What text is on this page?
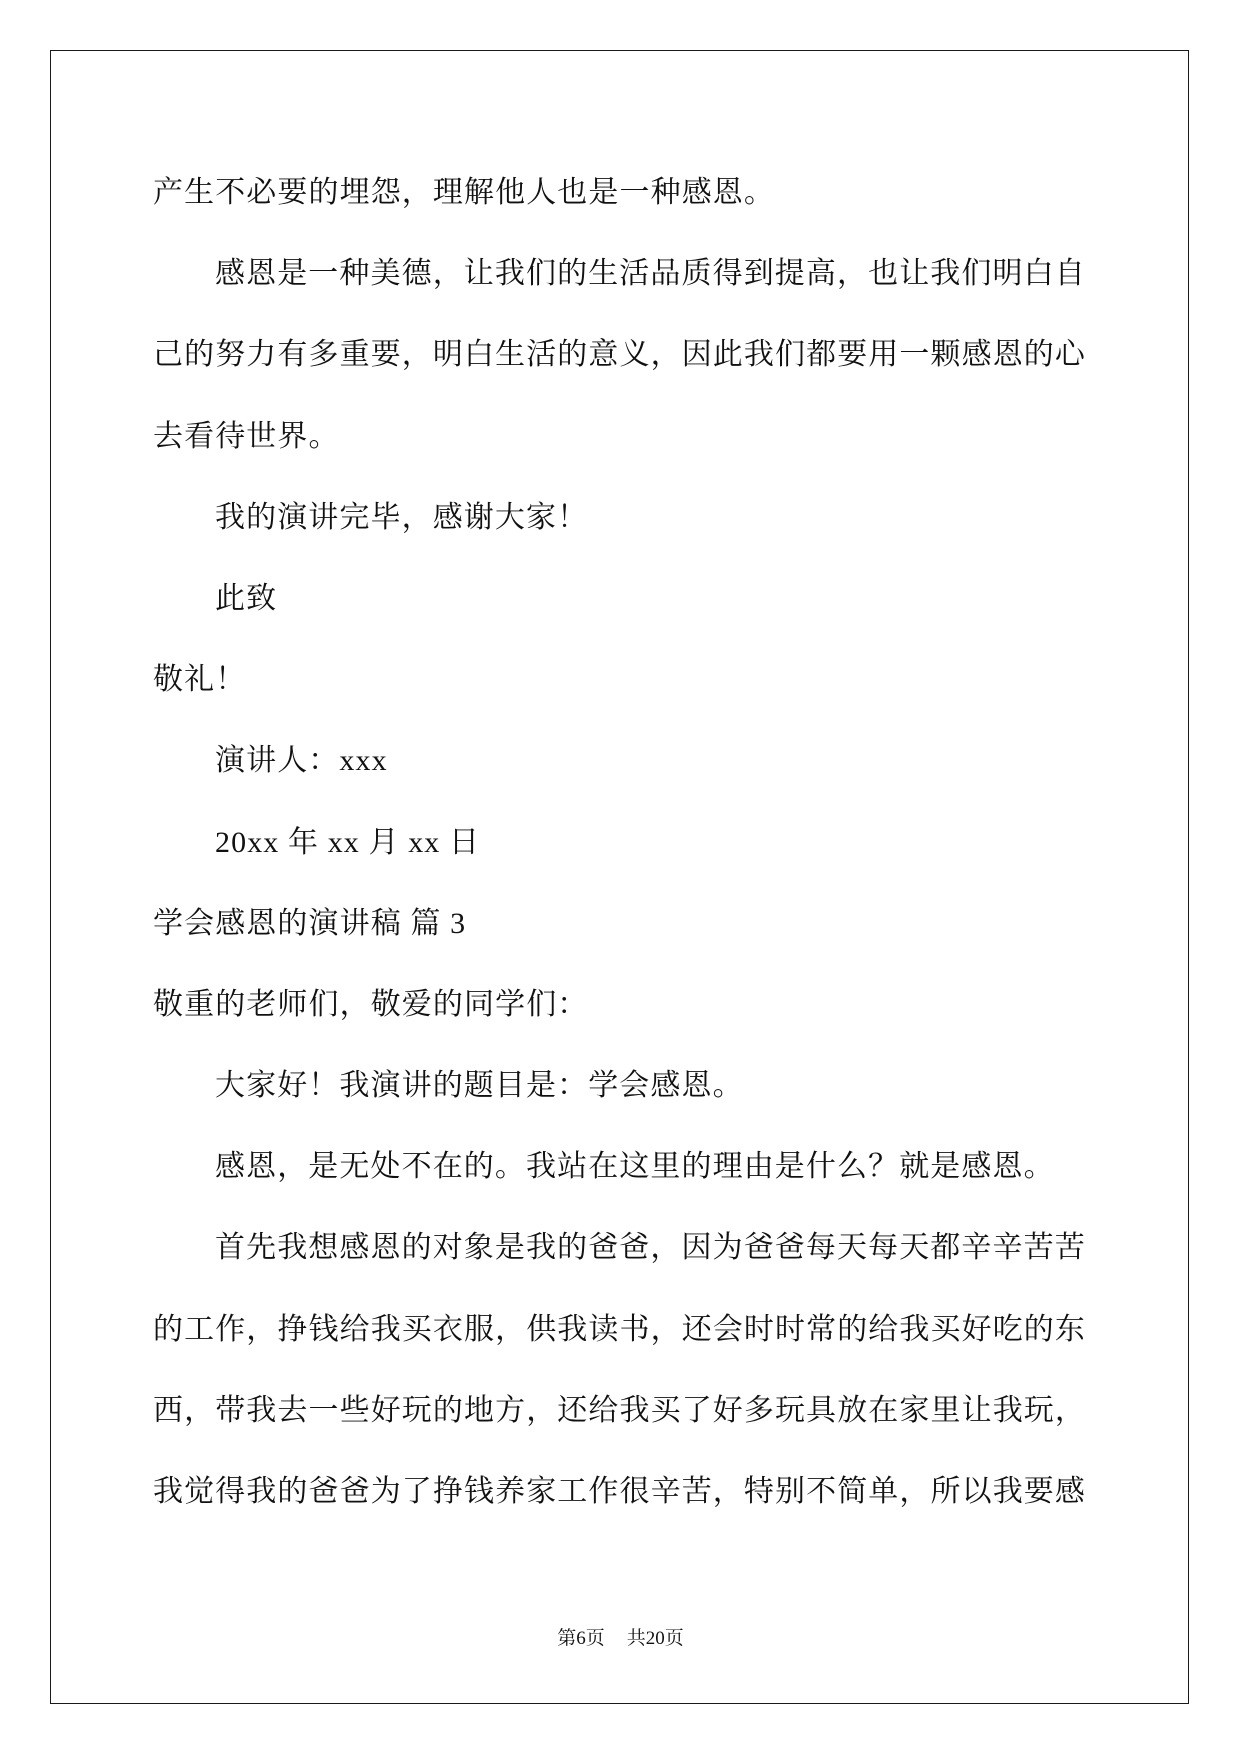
产生不必要的埋怨，理解他人也是一种感恩。
感恩是一种美德，让我们的生活品质得到提高，也让我们明白自
己的努力有多重要，明白生活的意义，因此我们都要用一颗感恩的心
去看待世界。
我的演讲完毕，感谢大家！
此致
敬礼！
演讲人：xxx
20xx 年 xx 月 xx 日
学会感恩的演讲稿 篇 3
敬重的老师们，敬爱的同学们：
大家好！我演讲的题目是：学会感恩。
感恩，是无处不在的。我站在这里的理由是什么？就是感恩。
首先我想感恩的对象是我的爸爸，因为爸爸每天每天都辛辛苦苦
的工作，挣钱给我买衣服，供我读书，还会时时常的给我买好吃的东
西，带我去一些好玩的地方，还给我买了好多玩具放在家里让我玩，
我觉得我的爸爸为了挣钱养家工作很辛苦，特别不简单，所以我要感
第6页 共20页
